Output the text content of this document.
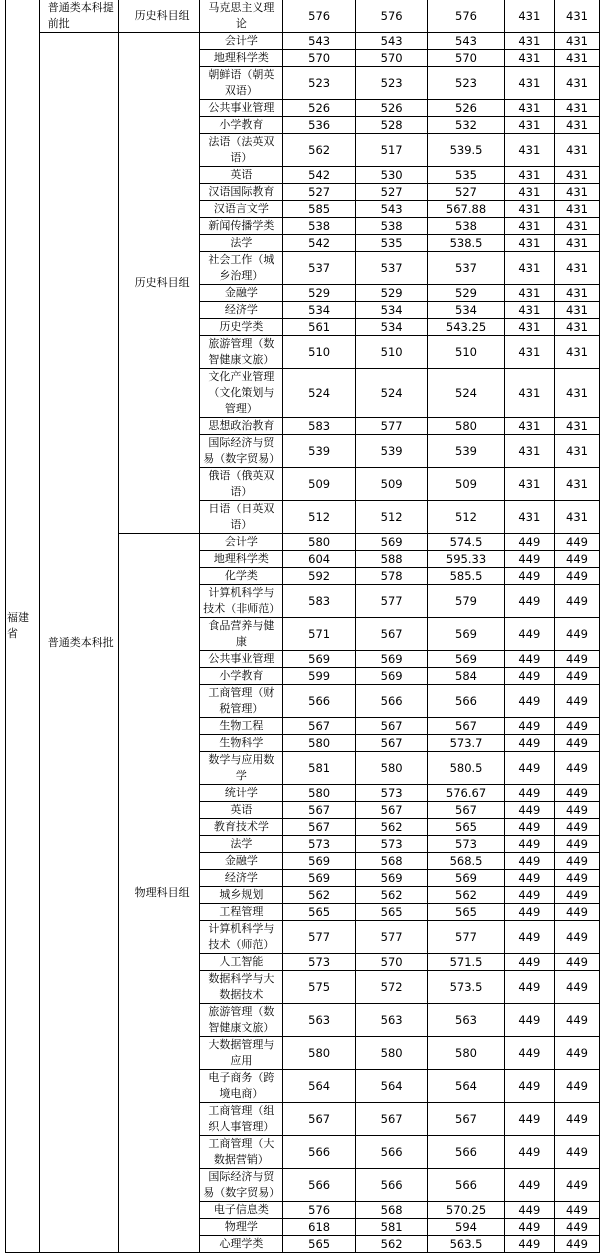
福建省	普通类本科提前批	历史科目组	马克思主义理论	576	576	576	431	431
	普通类本科批	历史科目组	会计学	543	543	543	431	431
			地理科学类	570	570	570	431	431
			朝鲜语（朝英双语）	523	523	523	431	431
			公共事业管理	526	526	526	431	431
			小学教育	536	528	532	431	431
			法语（法英双语）	562	517	539.5	431	431
			英语	542	530	535	431	431
			汉语国际教育	527	527	527	431	431
			汉语言文学	585	543	567.88	431	431
			新闻传播学类	538	538	538	431	431
			法学	542	535	538.5	431	431
			社会工作（城乡治理）	537	537	537	431	431
			金融学	529	529	529	431	431
			经济学	534	534	534	431	431
			历史学类	561	534	543.25	431	431
			旅游管理（数智健康文旅）	510	510	510	431	431
			文化产业管理（文化策划与管理）	524	524	524	431	431
			思想政治教育	583	577	580	431	431
			国际经济与贸易（数字贸易）	539	539	539	431	431
			俄语（俄英双语）	509	509	509	431	431
			日语（日英双语）	512	512	512	431	431
		物理科目组	会计学	580	569	574.5	449	449
			地理科学类	604	588	595.33	449	449
			化学类	592	578	585.5	449	449
			计算机科学与技术（非师范）	583	577	579	449	449
			食品营养与健康	571	567	569	449	449
			公共事业管理	569	569	569	449	449
			小学教育	599	569	584	449	449
			工商管理（财税管理）	566	566	566	449	449
			生物工程	567	567	567	449	449
			生物科学	580	567	573.7	449	449
			数学与应用数学	581	580	580.5	449	449
			统计学	580	573	576.67	449	449
			英语	567	567	567	449	449
			教育技术学	567	562	565	449	449
			法学	573	573	573	449	449
			金融学	569	568	568.5	449	449
			经济学	569	569	569	449	449
			城乡规划	562	562	562	449	449
			工程管理	565	565	565	449	449
			计算机科学与技术（师范）	577	577	577	449	449
			人工智能	573	570	571.5	449	449
			数据科学与大数据技术	575	572	573.5	449	449
			旅游管理（数智健康文旅）	563	563	563	449	449
			大数据管理与应用	580	580	580	449	449
			电子商务（跨境电商）	564	564	564	449	449
			工商管理（组织人事管理）	567	567	567	449	449
			工商管理（大数据营销）	566	566	566	449	449
			国际经济与贸易（数字贸易）	566	566	566	449	449
			电子信息类	576	568	570.25	449	449
			物理学	618	581	594	449	449
			心理学类	565	562	563.5	449	449
